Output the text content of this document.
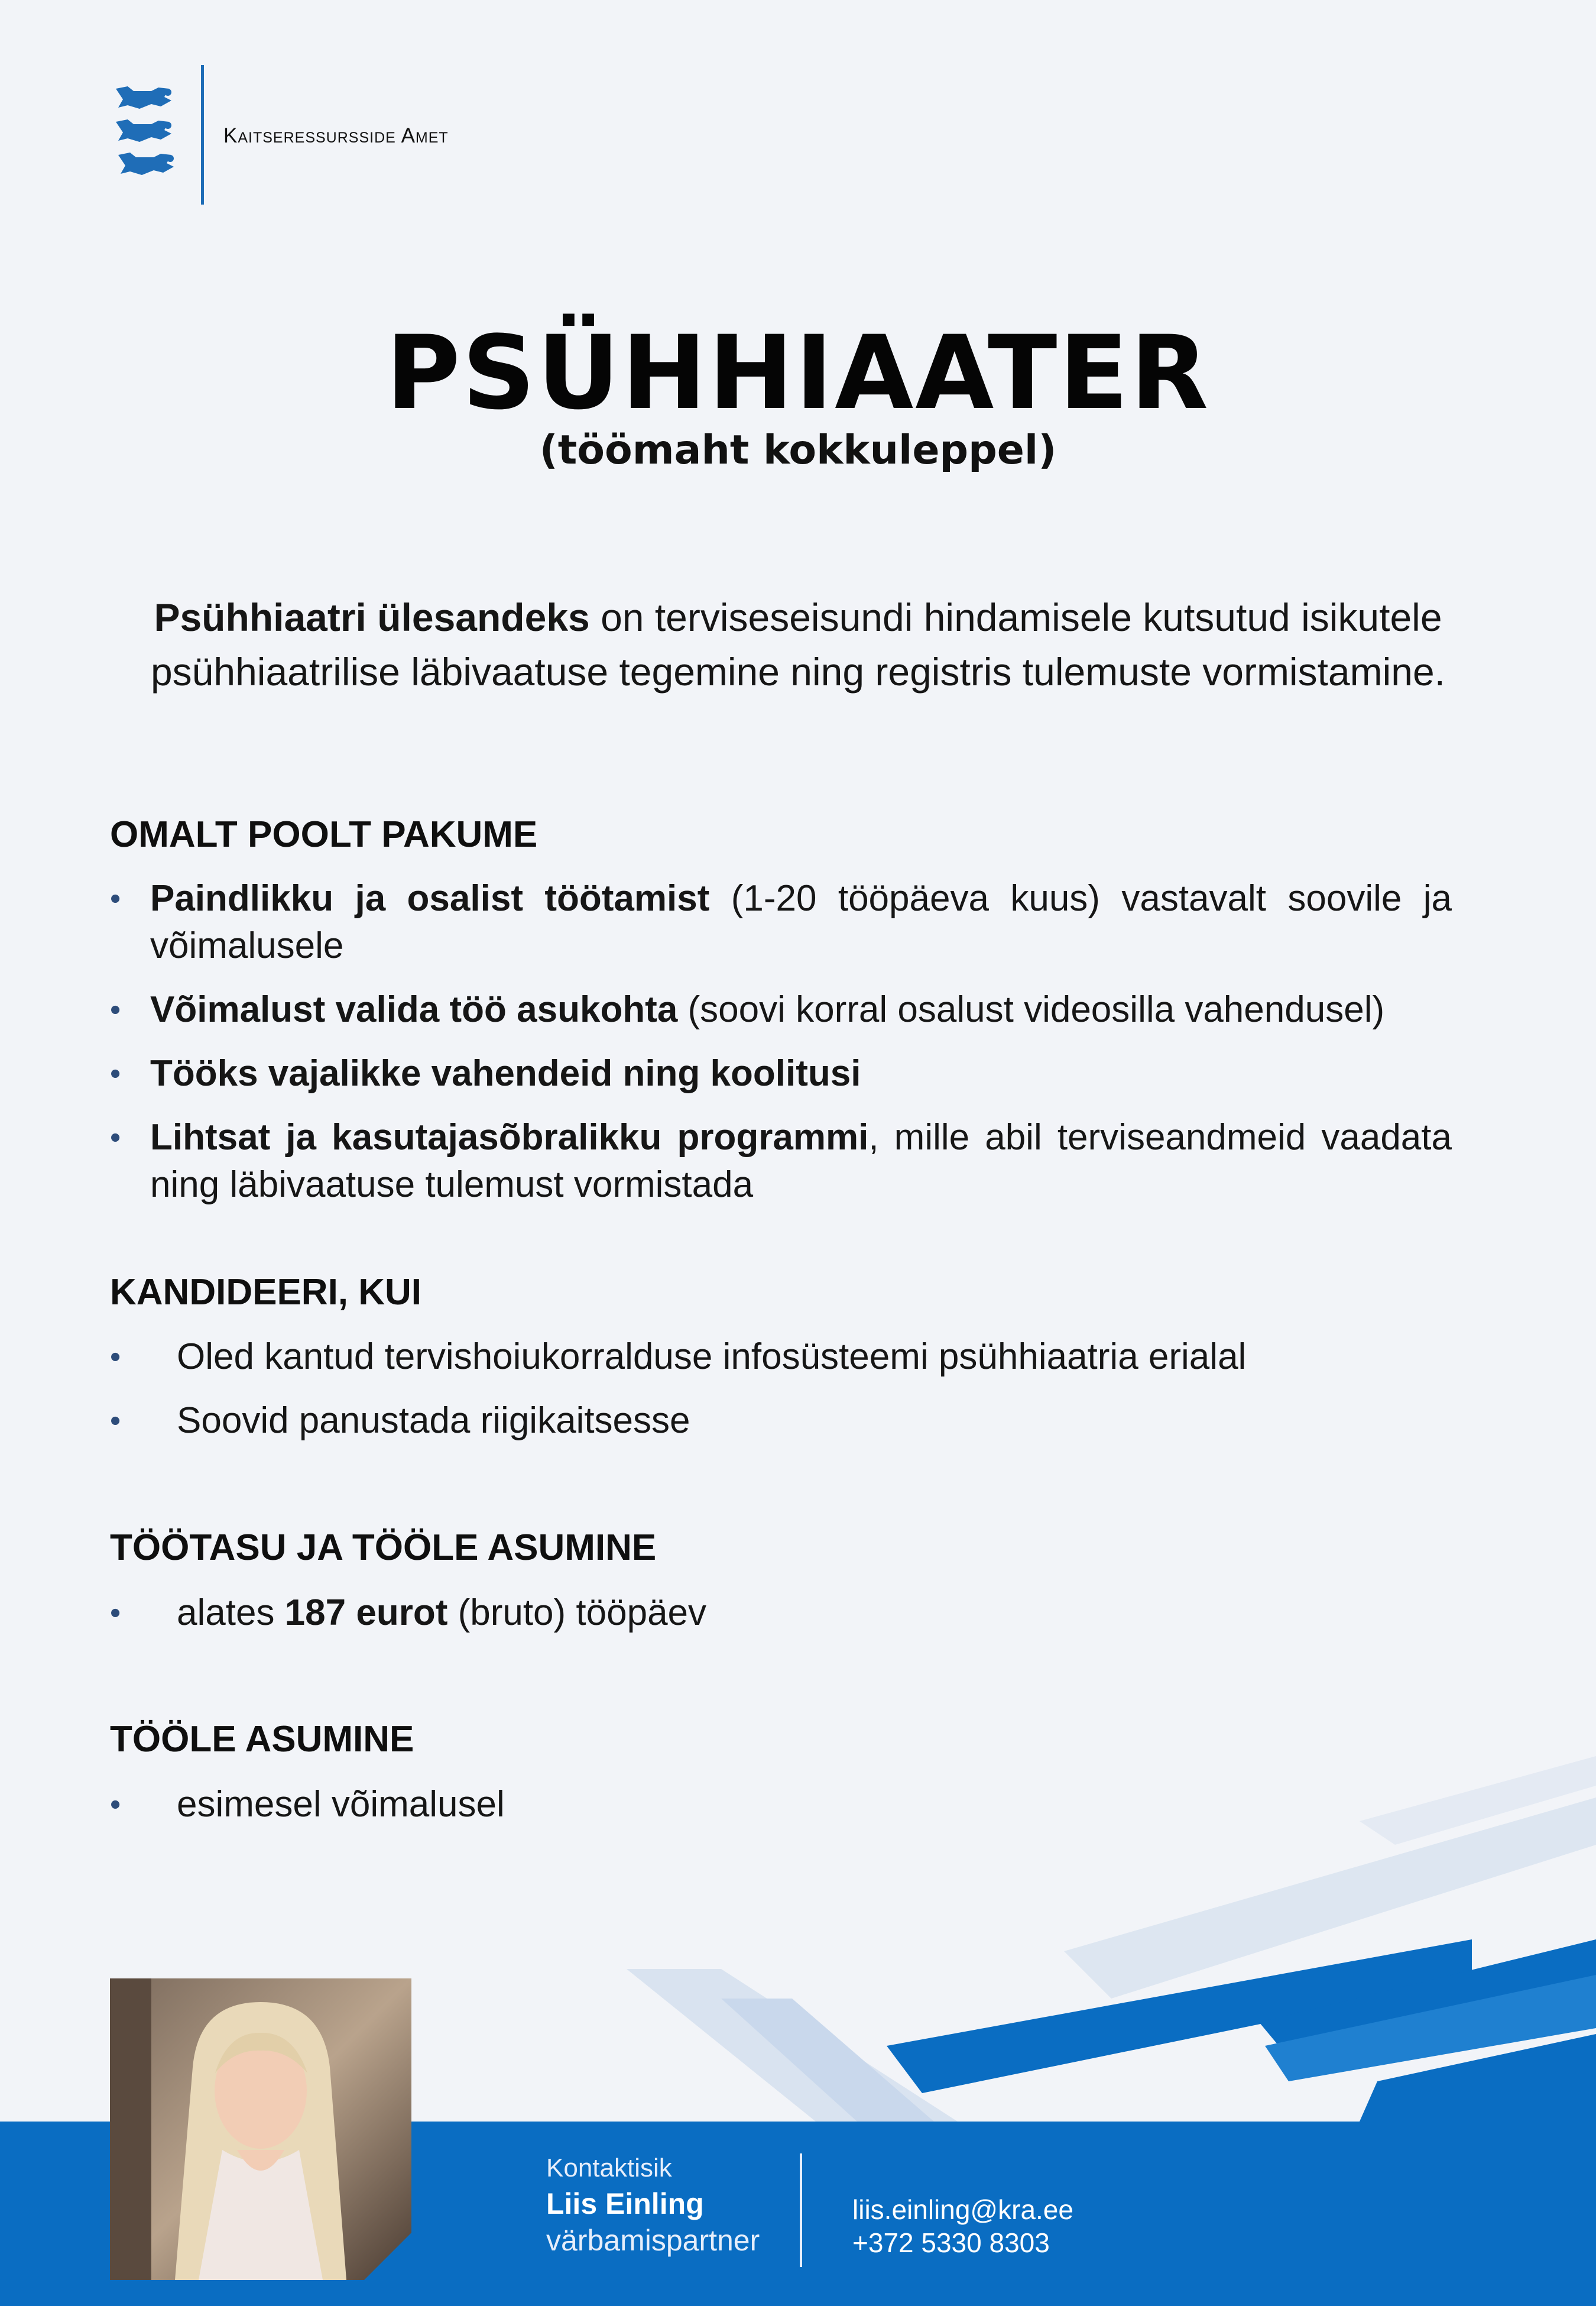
Kaitseressursside Amet
PSÜHHIAATER
(töömaht kokkuleppel)
Psühhiaatri ülesandeks on terviseseisundi hindamisele kutsutud isikutele psühhiaatrilise läbivaatuse tegemine ning registris tulemuste vormistamine.
OMALT POOLT PAKUME
• Paindlikku ja osalist töötamist (1-20 tööpäeva kuus) vastavalt soovile ja võimalusele
• Võimalust valida töö asukohta (soovi korral osalust videosilla vahendusel)
• Tööks vajalikke vahendeid ning koolitusi
• Lihtsat ja kasutajasõbralikku programmi, mille abil terviseandmeid vaadata ning läbivaatuse tulemust vormistada
KANDIDEERI, KUI
• Oled kantud tervishoiukorralduse infosüsteemi psühhiaatria erialal
• Soovid panustada riigikaitsesse
TÖÖTASU JA TÖÖLE ASUMINE
• alates 187 eurot (bruto) tööpäev
TÖÖLE ASUMINE
• esimesel võimalusel
Kontaktisik
Liis Einling
värbamispartner
liis.einling@kra.ee
+372 5330 8303
